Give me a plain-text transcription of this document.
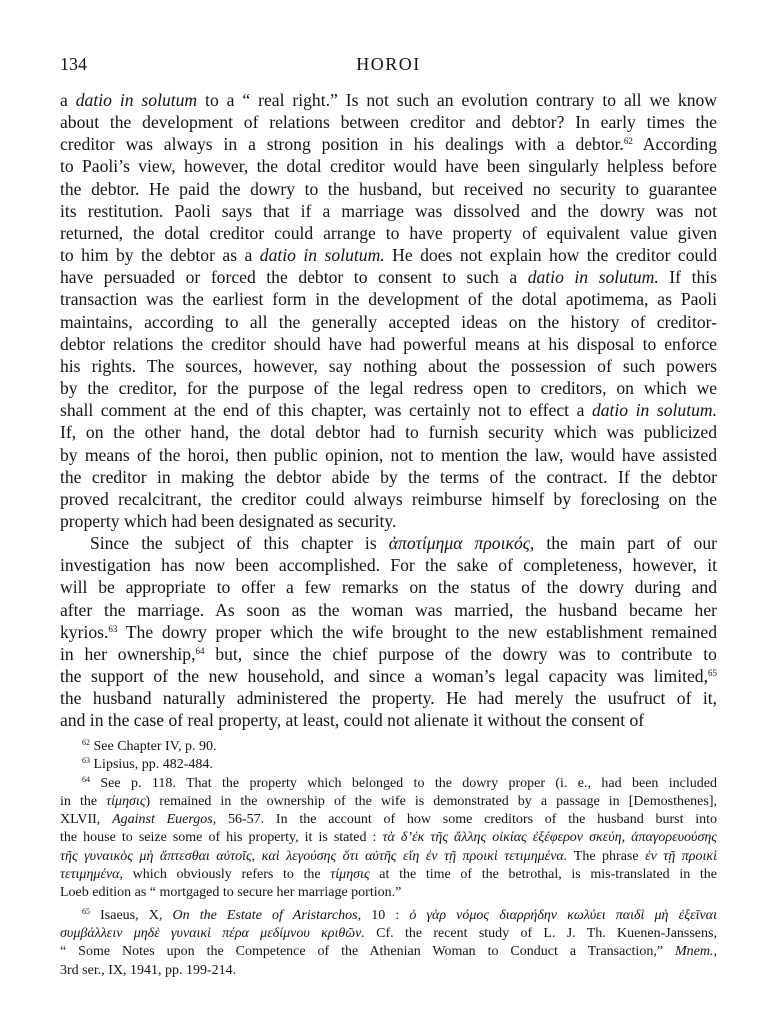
134	HOROI

a datio in solutum to a “ real right.” Is not such an evolution contrary to all we know
about the development of relations between creditor and debtor? In early times the
creditor was always in a strong position in his dealings with a debtor.$^{62}$ According
to Paoli’s view, however, the dotal creditor would have been singularly helpless before
the debtor. He paid the dowry to the husband, but received no security to guarantee
its restitution. Paoli says that if a marriage was dissolved and the dowry was not
returned, the dotal creditor could arrange to have property of equivalent value given
to him by the debtor as a datio in solutum. He does not explain how the creditor could
have persuaded or forced the debtor to consent to such a datio in solutum. If this
transaction was the earliest form in the development of the dotal apotimema, as Paoli
maintains, according to all the generally accepted ideas on the history of creditor-
debtor relations the creditor should have had powerful means at his disposal to enforce
his rights. The sources, however, say nothing about the possession of such powers
by the creditor, for the purpose of the legal redress open to creditors, on which we
shall comment at the end of this chapter, was certainly not to effect a datio in solutum.
If, on the other hand, the dotal debtor had to furnish security which was publicized
by means of the horoi, then public opinion, not to mention the law, would have assisted
the creditor in making the debtor abide by the terms of the contract. If the debtor
proved recalcitrant, the creditor could always reimburse himself by foreclosing on the
property which had been designated as security.

Since the subject of this chapter is ἀποτίμημα προικός, the main part of our
investigation has now been accomplished. For the sake of completeness, however, it
will be appropriate to offer a few remarks on the status of the dowry during and
after the marriage. As soon as the woman was married, the husband became her
kyrios.$^{63}$ The dowry proper which the wife brought to the new establishment remained
in her ownership,$^{64}$ but, since the chief purpose of the dowry was to contribute to
the support of the new household, and since a woman’s legal capacity was limited,$^{65}$
the husband naturally administered the property. He had merely the usufruct of it,
and in the case of real property, at least, could not alienate it without the consent of

$^{62}$ See Chapter IV, p. 90.

$^{63}$ Lipsius, pp. 482-484.

$^{64}$ See p. 118. That the property which belonged to the dowry proper (i. e., had been included
in the τίμησις) remained in the ownership of the wife is demonstrated by a passage in [Demosthenes],
XLVII, Against Euergos, 56-57. In the account of how some creditors of the husband burst into
the house to seize some of his property, it is stated : τὰ δ’ἐκ τῆς ἄλλης οἰκίας ἐξέφερον σκεύη, ἀπαγορευούσης
τῆς γυναικὸς μὴ ἅπτεσθαι αὐτοῖς, καὶ λεγούσης ὅτι αὐτῆς εἴη ἐν τῇ προικὶ τετιμημένα. The phrase ἐν τῇ προικὶ
τετιμημένα, which obviously refers to the τίμησις at the time of the betrothal, is mis-translated in the
Loeb edition as “ mortgaged to secure her marriage portion.”

$^{65}$ Isaeus, X, On the Estate of Aristarchos, 10 : ὁ γὰρ νόμος διαρρήδην κωλύει παιδὶ μὴ ἐξεῖναι
συμβάλλειν μηδὲ γυναικὶ πέρα μεδίμνου κριθῶν. Cf. the recent study of L. J. Th. Kuenen-Janssens,
“ Some Notes upon the Competence of the Athenian Woman to Conduct a Transaction,” Mnem.,
3rd ser., IX, 1941, pp. 199-214.
